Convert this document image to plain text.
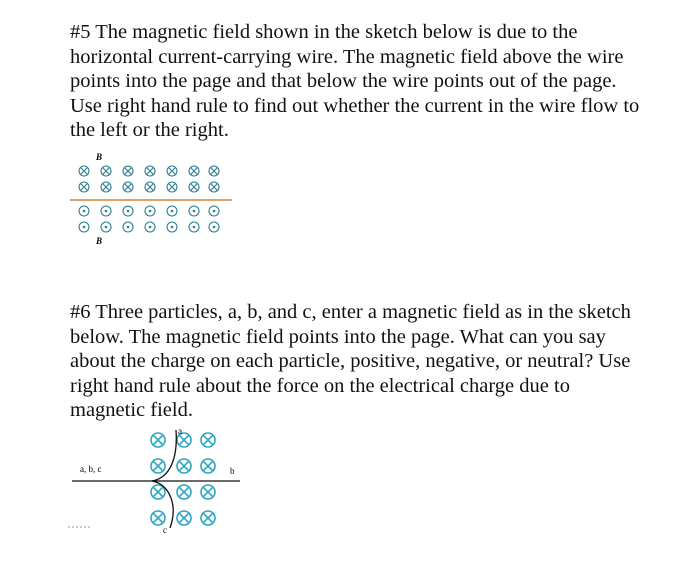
#5 The magnetic field shown in the sketch below is due to the horizontal current-carrying wire. The magnetic field above the wire points into the page and that below the wire points out of the page. Use right hand rule to find out whether the current in the wire flow to the left or the right.

B
B

#6 Three particles, a, b, and c, enter a magnetic field as in the sketch below. The magnetic field points into the page. What can you say about the charge on each particle, positive, negative, or neutral? Use right hand rule about the force on the electrical charge due to magnetic field.

a, b, c
a
b
c
